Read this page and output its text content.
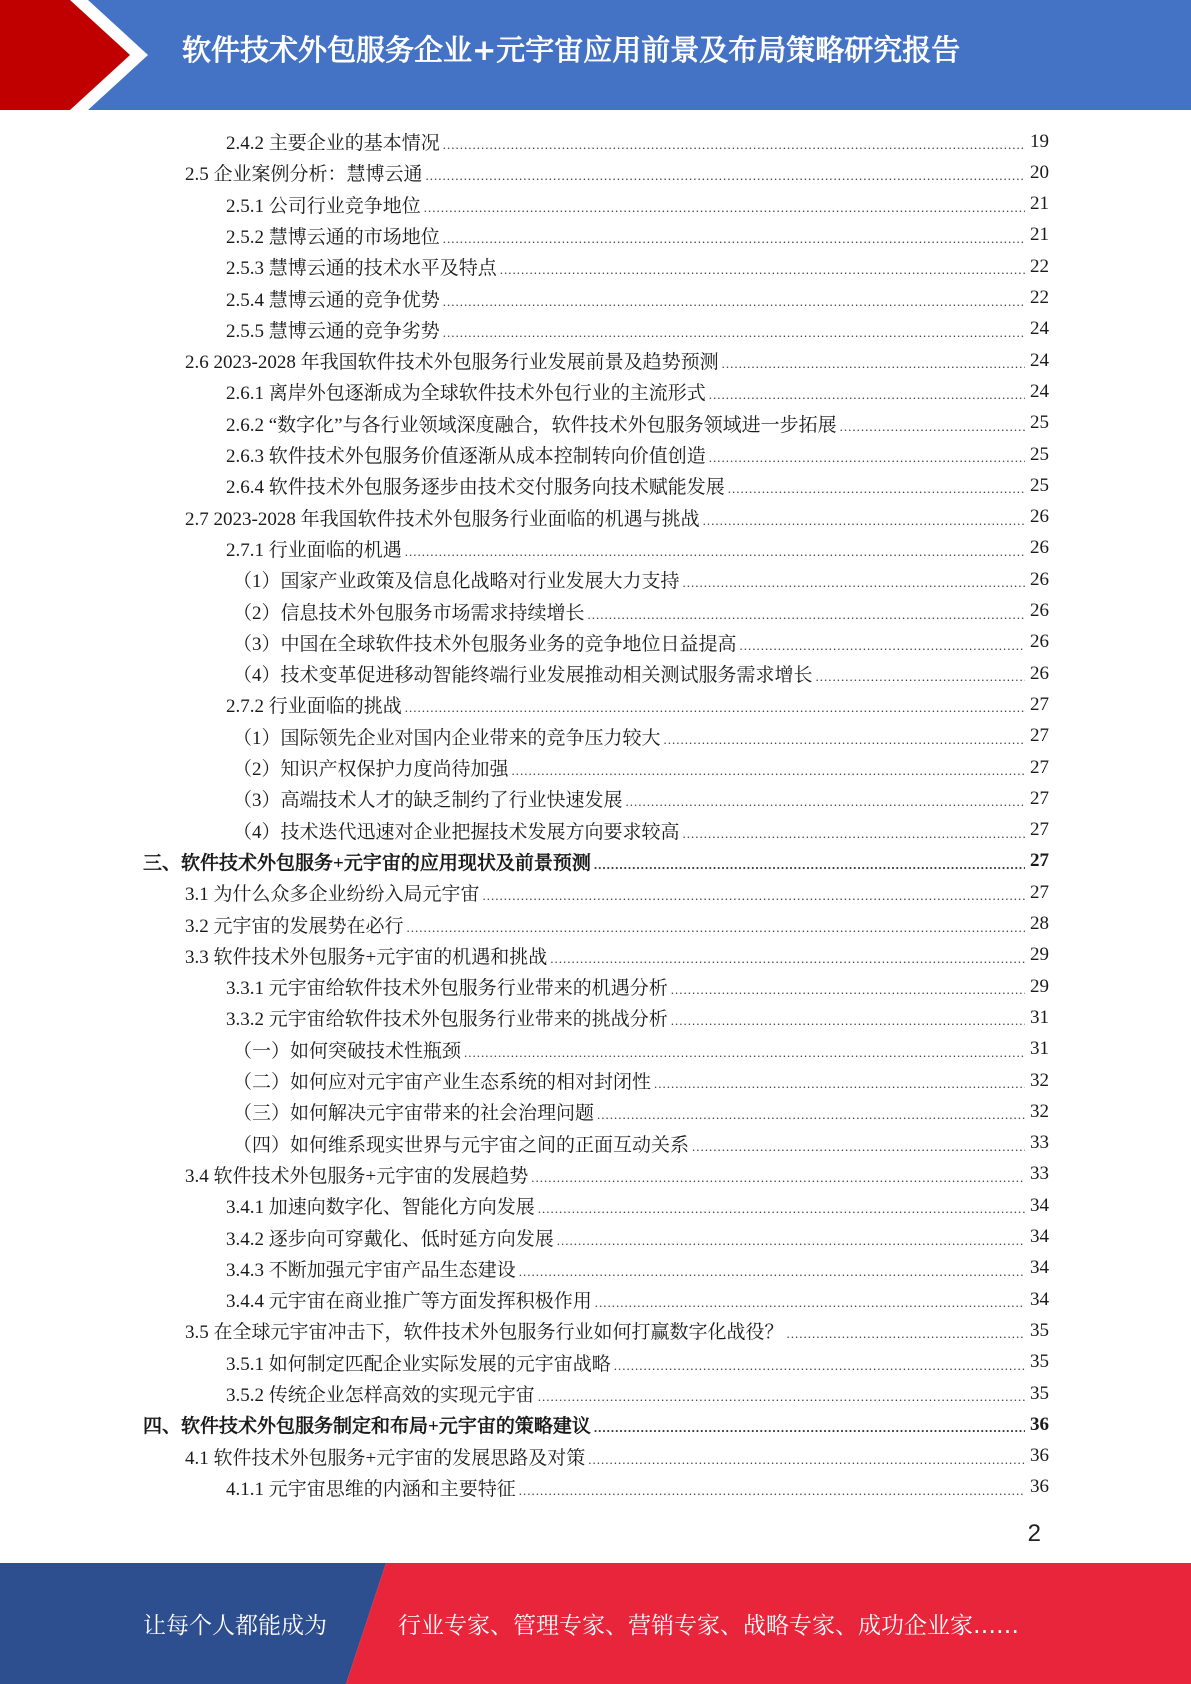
软件技术外包服务企业+元宇宙应用前景及布局策略研究报告
2.4.2 主要企业的基本情况 .....	19
2.5 企业案例分析：慧博云通 .....	20
2.5.1 公司行业竞争地位 .....	21
2.5.2 慧博云通的市场地位 .....	21
2.5.3 慧博云通的技术水平及特点 .....	22
2.5.4 慧博云通的竞争优势 .....	22
2.5.5 慧博云通的竞争劣势 .....	24
2.6 2023-2028 年我国软件技术外包服务行业发展前景及趋势预测 .....	24
2.6.1 离岸外包逐渐成为全球软件技术外包行业的主流形式 .....	24
2.6.2 “数字化”与各行业领域深度融合，软件技术外包服务领域进一步拓展 .....	25
2.6.3 软件技术外包服务价值逐渐从成本控制转向价值创造 .....	25
2.6.4 软件技术外包服务逐步由技术交付服务向技术赋能发展 .....	25
2.7 2023-2028 年我国软件技术外包服务行业面临的机遇与挑战 .....	26
2.7.1 行业面临的机遇 .....	26
（1）国家产业政策及信息化战略对行业发展大力支持 .....	26
（2）信息技术外包服务市场需求持续增长 .....	26
（3）中国在全球软件技术外包服务业务的竞争地位日益提高 .....	26
（4）技术变革促进移动智能终端行业发展推动相关测试服务需求增长 .....	26
2.7.2 行业面临的挑战 .....	27
（1）国际领先企业对国内企业带来的竞争压力较大 .....	27
（2）知识产权保护力度尚待加强 .....	27
（3）高端技术人才的缺乏制约了行业快速发展 .....	27
（4）技术迭代迅速对企业把握技术发展方向要求较高 .....	27
三、软件技术外包服务+元宇宙的应用现状及前景预测 .....	27
3.1 为什么众多企业纷纷入局元宇宙 .....	27
3.2 元宇宙的发展势在必行 .....	28
3.3 软件技术外包服务+元宇宙的机遇和挑战 .....	29
3.3.1 元宇宙给软件技术外包服务行业带来的机遇分析 .....	29
3.3.2 元宇宙给软件技术外包服务行业带来的挑战分析 .....	31
（一）如何突破技术性瓶颈 .....	31
（二）如何应对元宇宙产业生态系统的相对封闭性 .....	32
（三）如何解决元宇宙带来的社会治理问题 .....	32
（四）如何维系现实世界与元宇宙之间的正面互动关系 .....	33
3.4 软件技术外包服务+元宇宙的发展趋势 .....	33
3.4.1 加速向数字化、智能化方向发展 .....	34
3.4.2 逐步向可穿戴化、低时延方向发展 .....	34
3.4.3 不断加强元宇宙产品生态建设 .....	34
3.4.4 元宇宙在商业推广等方面发挥积极作用 .....	34
3.5 在全球元宇宙冲击下，软件技术外包服务行业如何打赢数字化战役？ .....	35
3.5.1 如何制定匹配企业实际发展的元宇宙战略 .....	35
3.5.2 传统企业怎样高效的实现元宇宙 .....	35
四、软件技术外包服务制定和布局+元宇宙的策略建议 .....	36
4.1 软件技术外包服务+元宇宙的发展思路及对策 .....	36
4.1.1 元宇宙思维的内涵和主要特征 .....	36
2
让每个人都能成为	行业专家、管理专家、营销专家、战略专家、成功企业家……
